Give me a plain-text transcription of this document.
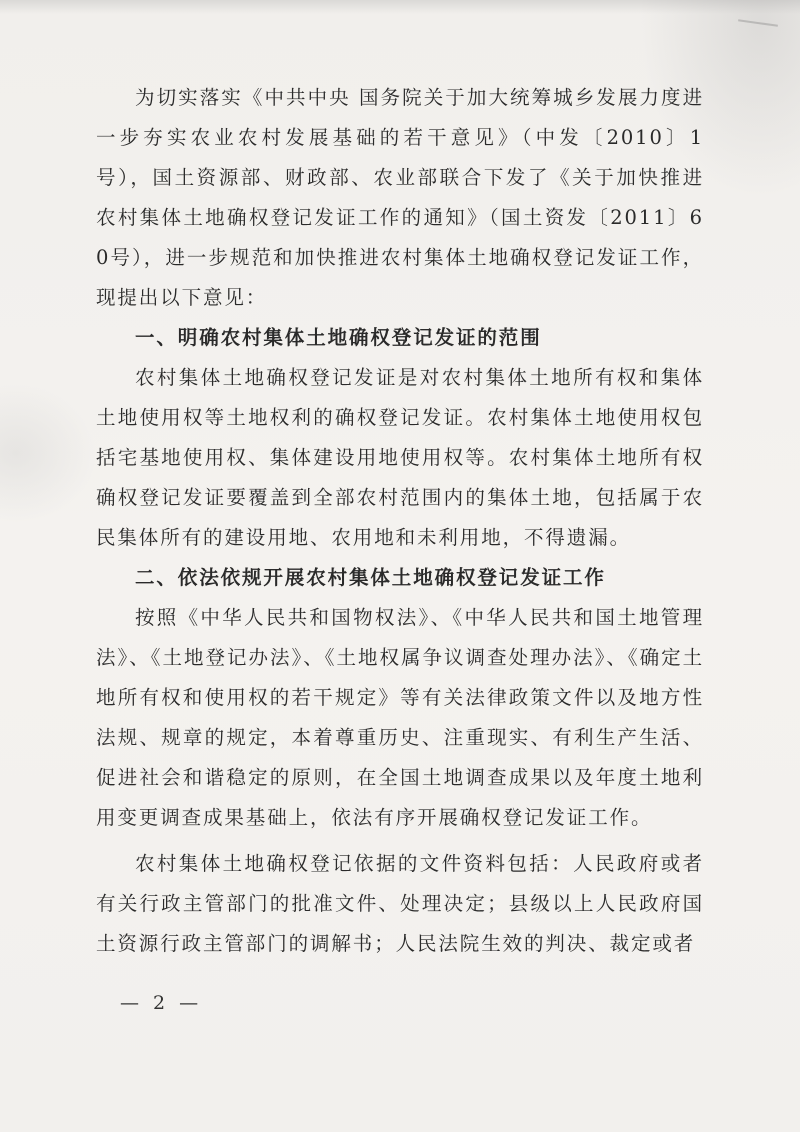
为切实落实《中共中央 国务院关于加大统筹城乡发展力度进一步夯实农业农村发展基础的若干意见》（中发〔2010〕1号），国土资源部、财政部、农业部联合下发了《关于加快推进农村集体土地确权登记发证工作的通知》（国土资发〔2011〕60号），进一步规范和加快推进农村集体土地确权登记发证工作，现提出以下意见：

一、明确农村集体土地确权登记发证的范围

农村集体土地确权登记发证是对农村集体土地所有权和集体土地使用权等土地权利的确权登记发证。农村集体土地使用权包括宅基地使用权、集体建设用地使用权等。农村集体土地所有权确权登记发证要覆盖到全部农村范围内的集体土地，包括属于农民集体所有的建设用地、农用地和未利用地，不得遗漏。

二、依法依规开展农村集体土地确权登记发证工作

按照《中华人民共和国物权法》、《中华人民共和国土地管理法》、《土地登记办法》、《土地权属争议调查处理办法》、《确定土地所有权和使用权的若干规定》等有关法律政策文件以及地方性法规、规章的规定，本着尊重历史、注重现实、有利生产生活、促进社会和谐稳定的原则，在全国土地调查成果以及年度土地利用变更调查成果基础上，依法有序开展确权登记发证工作。

农村集体土地确权登记依据的文件资料包括：人民政府或者有关行政主管部门的批准文件、处理决定；县级以上人民政府国土资源行政主管部门的调解书；人民法院生效的判决、裁定或者

— 2 —
